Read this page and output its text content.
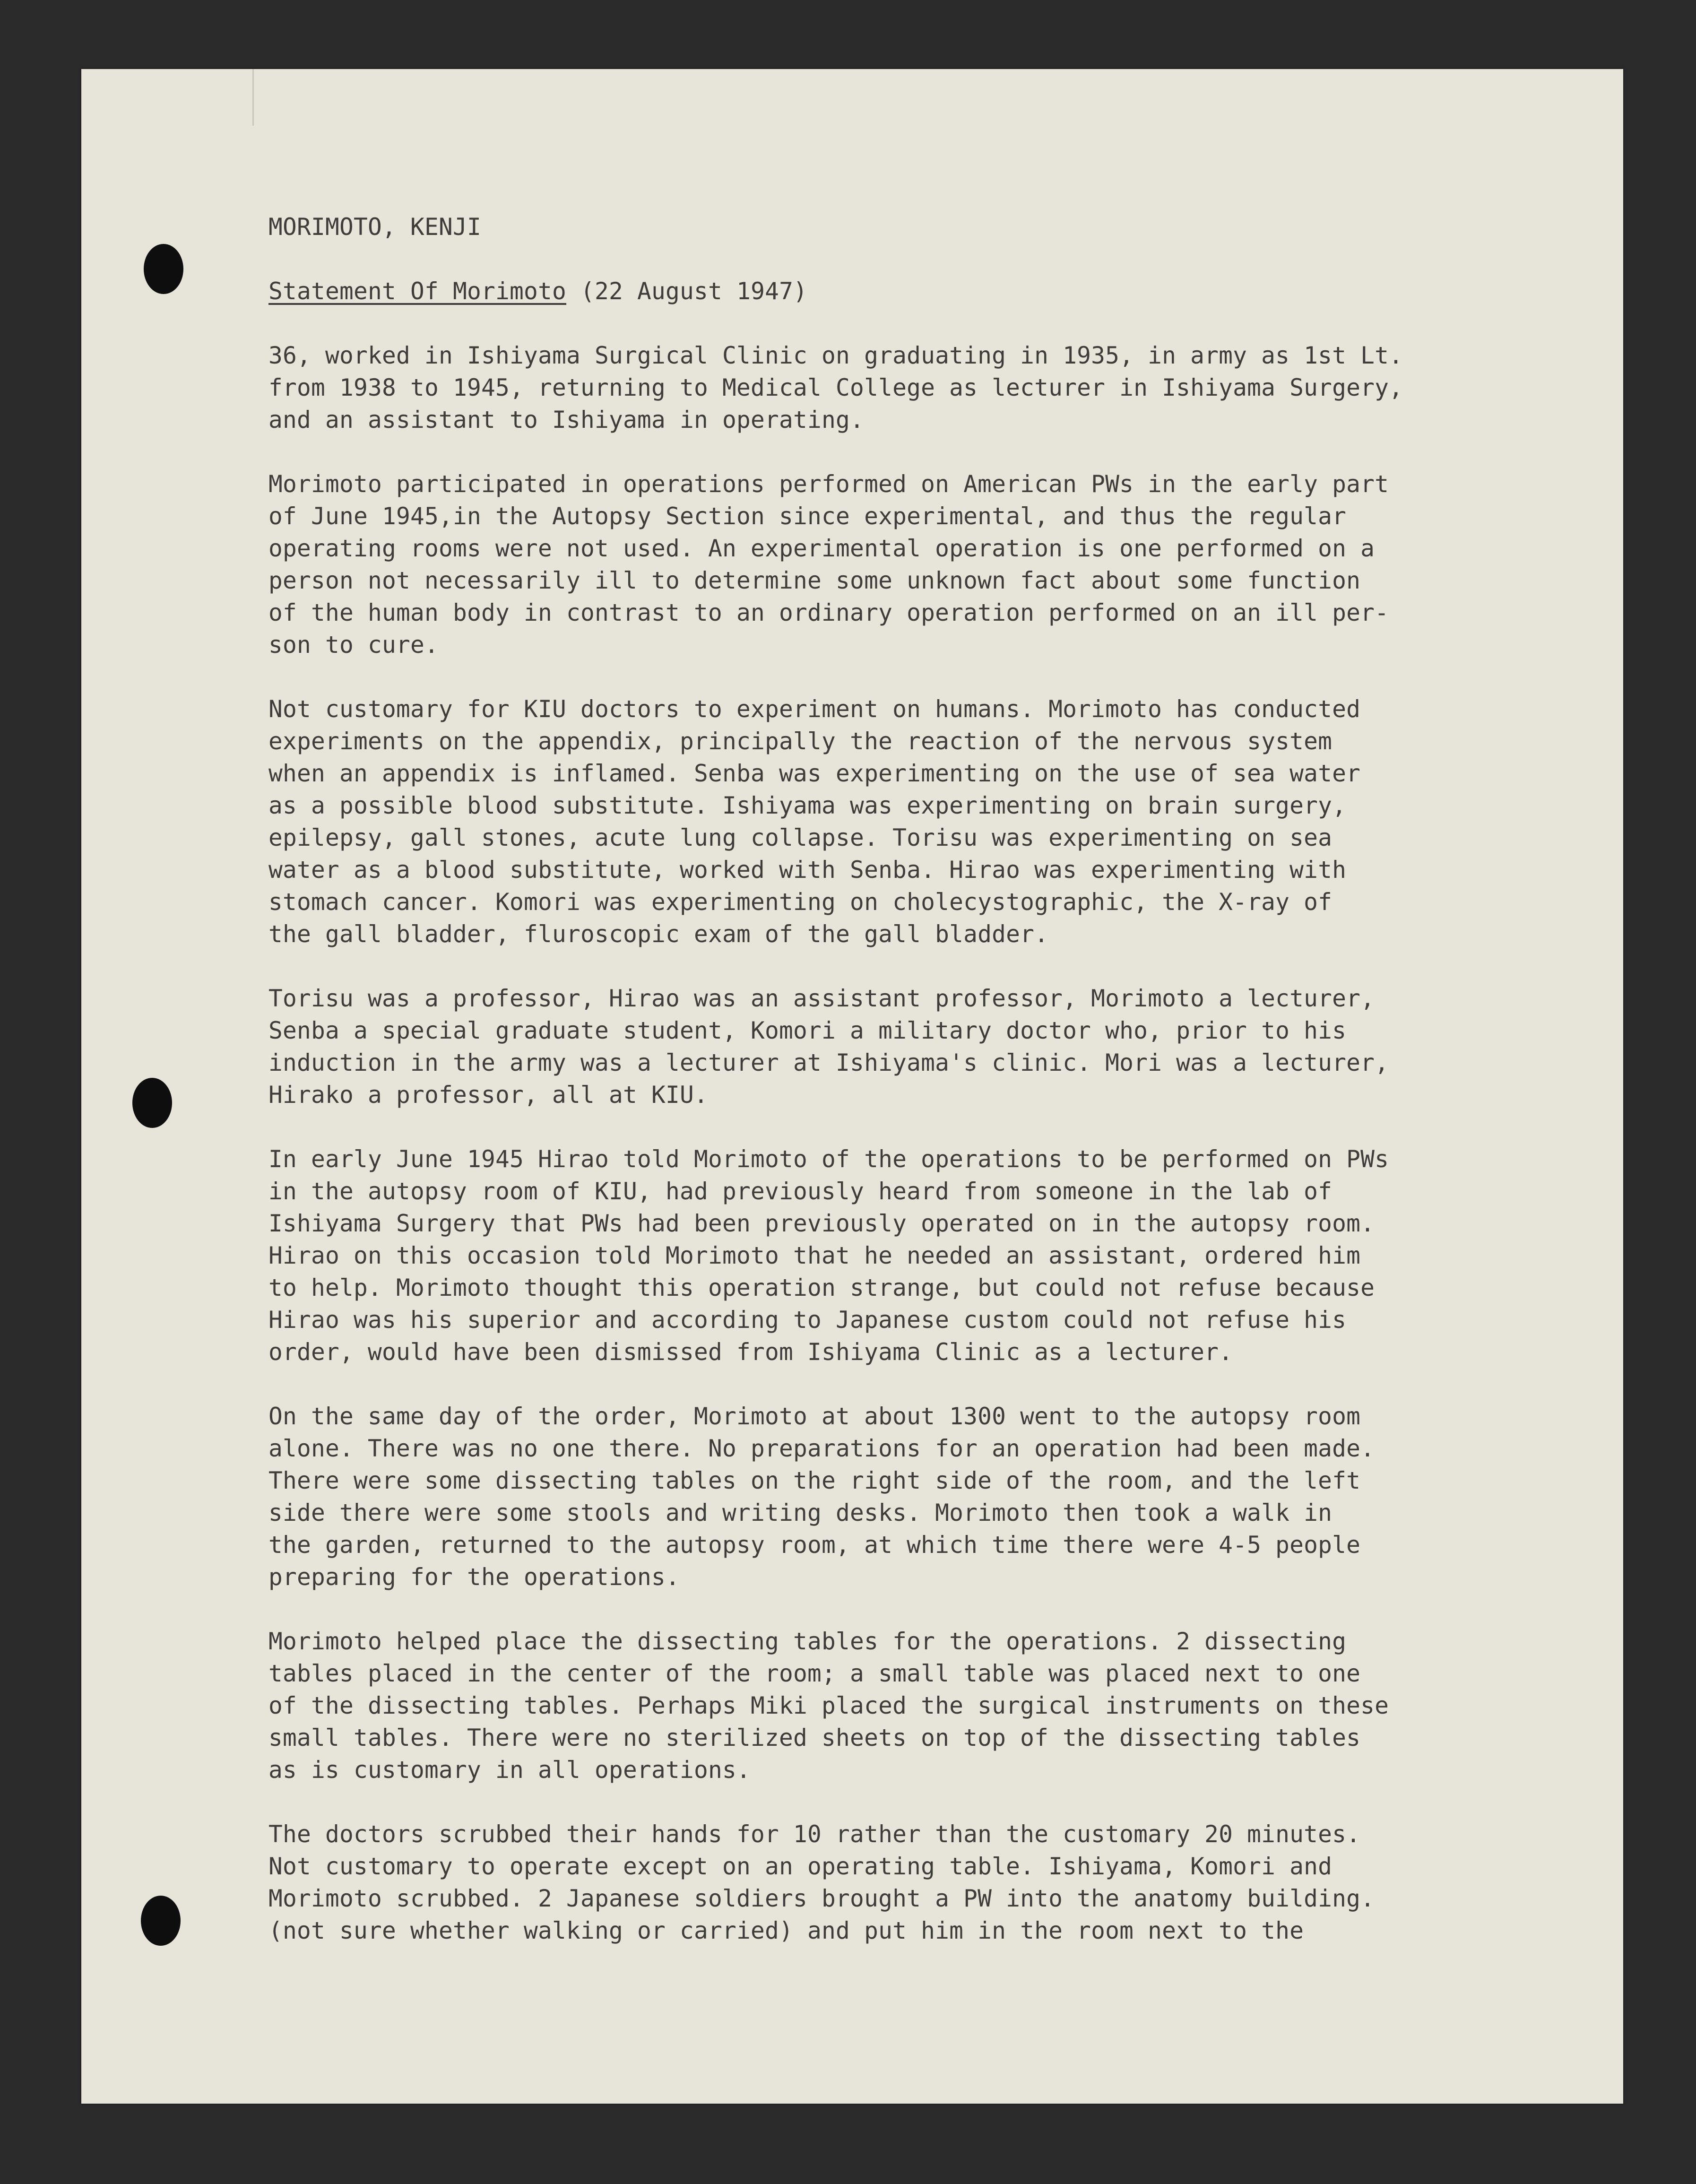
MORIMOTO, KENJI
Statement Of Morimoto (22 August 1947)
36, worked in Ishiyama Surgical Clinic on graduating in 1935, in army as 1st Lt.
from 1938 to 1945, returning to Medical College as lecturer in Ishiyama Surgery,
and an assistant to Ishiyama in operating.
Morimoto participated in operations performed on American PWs in the early part
of June 1945,in the Autopsy Section since experimental, and thus the regular
operating rooms were not used. An experimental operation is one performed on a
person not necessarily ill to determine some unknown fact about some function
of the human body in contrast to an ordinary operation performed on an ill per-
son to cure.
Not customary for KIU doctors to experiment on humans. Morimoto has conducted
experiments on the appendix, principally the reaction of the nervous system
when an appendix is inflamed. Senba was experimenting on the use of sea water
as a possible blood substitute. Ishiyama was experimenting on brain surgery,
epilepsy, gall stones, acute lung collapse. Torisu was experimenting on sea
water as a blood substitute, worked with Senba. Hirao was experimenting with
stomach cancer. Komori was experimenting on cholecystographic, the X-ray of
the gall bladder, fluroscopic exam of the gall bladder.
Torisu was a professor, Hirao was an assistant professor, Morimoto a lecturer,
Senba a special graduate student, Komori a military doctor who, prior to his
induction in the army was a lecturer at Ishiyama's clinic. Mori was a lecturer,
Hirako a professor, all at KIU.
In early June 1945 Hirao told Morimoto of the operations to be performed on PWs
in the autopsy room of KIU, had previously heard from someone in the lab of
Ishiyama Surgery that PWs had been previously operated on in the autopsy room.
Hirao on this occasion told Morimoto that he needed an assistant, ordered him
to help. Morimoto thought this operation strange, but could not refuse because
Hirao was his superior and according to Japanese custom could not refuse his
order, would have been dismissed from Ishiyama Clinic as a lecturer.
On the same day of the order, Morimoto at about 1300 went to the autopsy room
alone. There was no one there. No preparations for an operation had been made.
There were some dissecting tables on the right side of the room, and the left
side there were some stools and writing desks. Morimoto then took a walk in
the garden, returned to the autopsy room, at which time there were 4-5 people
preparing for the operations.
Morimoto helped place the dissecting tables for the operations. 2 dissecting
tables placed in the center of the room; a small table was placed next to one
of the dissecting tables. Perhaps Miki placed the surgical instruments on these
small tables. There were no sterilized sheets on top of the dissecting tables
as is customary in all operations.
The doctors scrubbed their hands for 10 rather than the customary 20 minutes.
Not customary to operate except on an operating table. Ishiyama, Komori and
Morimoto scrubbed. 2 Japanese soldiers brought a PW into the anatomy building.
(not sure whether walking or carried) and put him in the room next to the
